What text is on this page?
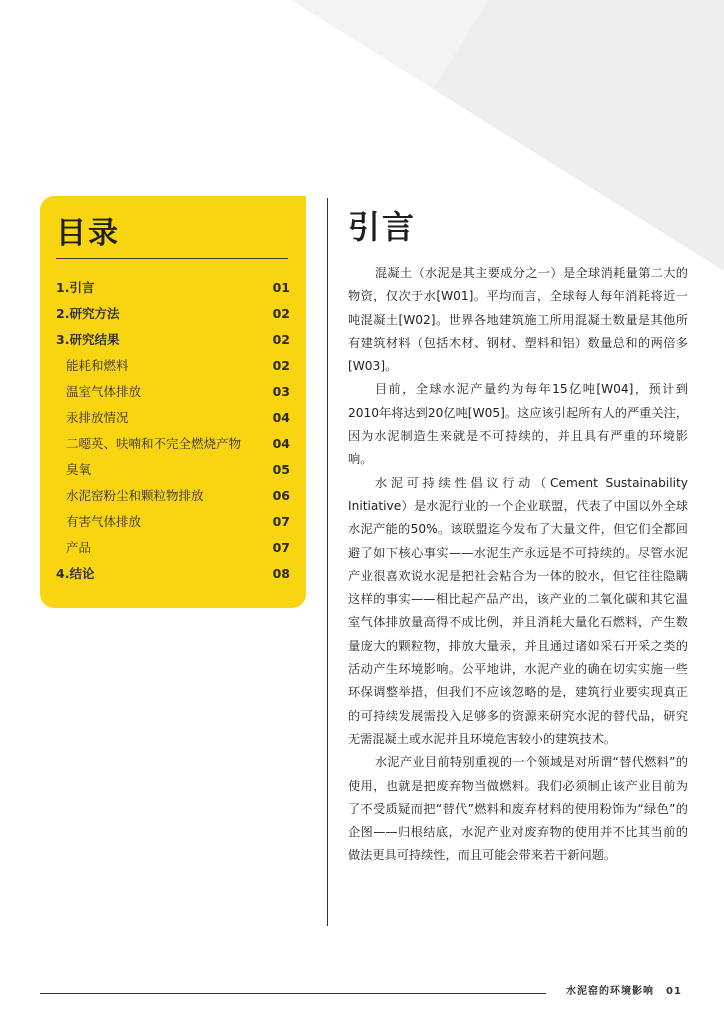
目录
1.引言	01
2.研究方法	02
3.研究结果	02
能耗和燃料	02
温室气体排放	03
汞排放情况	04
二噁英、呋喃和不完全燃烧产物	04
臭氧	05
水泥窑粉尘和颗粒物排放	06
有害气体排放	07
产品	07
4.结论	08
引言

混凝土（水泥是其主要成分之一）是全球消耗量第二大的物资，仅次于水[W01]。平均而言，全球每人每年消耗将近一吨混凝土[W02]。世界各地建筑施工所用混凝土数量是其他所有建筑材料（包括木材、钢材、塑料和铝）数量总和的两倍多[W03]。

目前，全球水泥产量约为每年15亿吨[W04]，预计到2010年将达到20亿吨[W05]。这应该引起所有人的严重关注，因为水泥制造生来就是不可持续的，并且具有严重的环境影响。

水泥可持续性倡议行动（Cement Sustainability Initiative）是水泥行业的一个企业联盟，代表了中国以外全球水泥产能的50%。该联盟迄今发布了大量文件，但它们全都回避了如下核心事实——水泥生产永远是不可持续的。尽管水泥产业很喜欢说水泥是把社会粘合为一体的胶水，但它往往隐瞒这样的事实——相比起产品产出，该产业的二氧化碳和其它温室气体排放量高得不成比例，并且消耗大量化石燃料，产生数量庞大的颗粒物，排放大量汞，并且通过诸如采石开采之类的活动产生环境影响。公平地讲，水泥产业的确在切实实施一些环保调整举措，但我们不应该忽略的是，建筑行业要实现真正的可持续发展需投入足够多的资源来研究水泥的替代品，研究无需混凝土或水泥并且环境危害较小的建筑技术。

水泥产业目前特别重视的一个领域是对所谓“替代燃料”的使用，也就是把废弃物当做燃料。我们必须制止该产业目前为了不受质疑而把“替代”燃料和废弃材料的使用粉饰为“绿色”的企图——归根结底，水泥产业对废弃物的使用并不比其当前的做法更具可持续性，而且可能会带来若干新问题。

水泥窑的环境影响 01
